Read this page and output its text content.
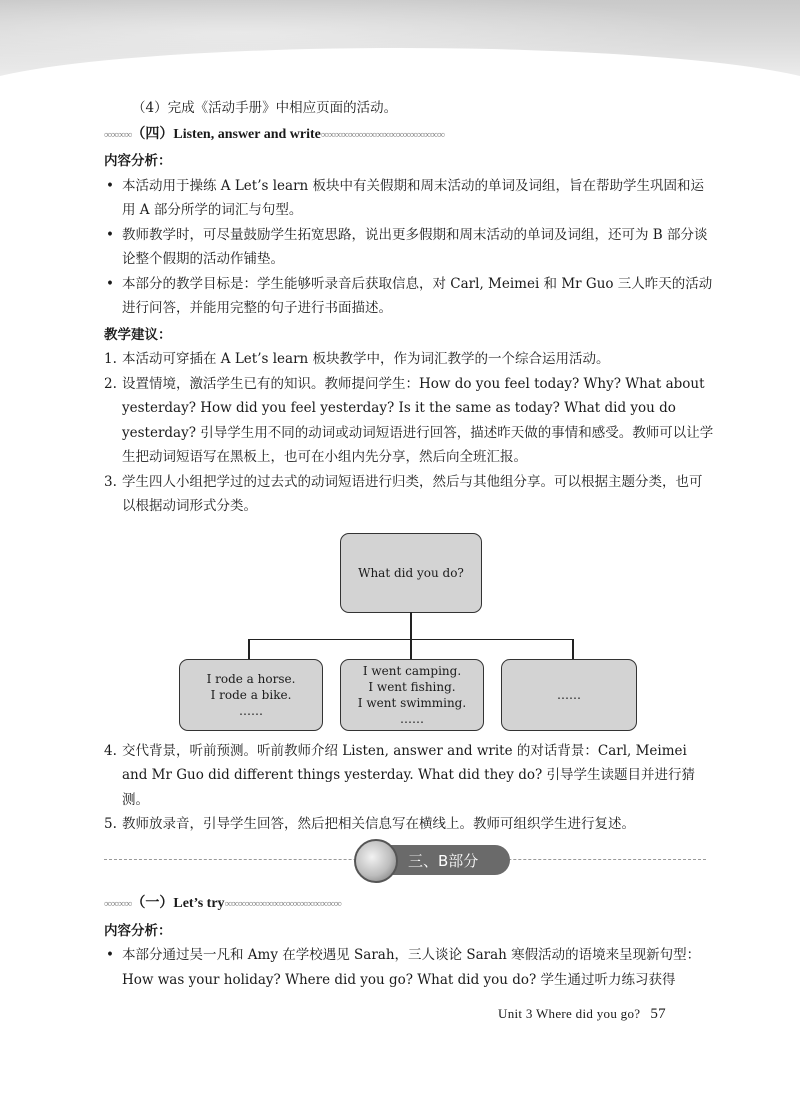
（4）完成《活动手册》中相应页面的活动。

∞∞∞∞（四）Listen, answer and write∞∞∞∞∞∞∞∞∞∞∞∞∞∞∞∞∞∞

内容分析：

• 本活动用于操练 A Let’s learn 板块中有关假期和周末活动的单词及词组，旨在帮助学生巩固和运用 A 部分所学的词汇与句型。

• 教师教学时，可尽量鼓励学生拓宽思路，说出更多假期和周末活动的单词及词组，还可为 B 部分谈论整个假期的活动作铺垫。

• 本部分的教学目标是：学生能够听录音后获取信息，对 Carl, Meimei 和 Mr Guo 三人昨天的活动进行问答，并能用完整的句子进行书面描述。

教学建议：

1. 本活动可穿插在 A Let’s learn 板块教学中，作为词汇教学的一个综合运用活动。

2. 设置情境，激活学生已有的知识。教师提问学生：How do you feel today? Why? What about yesterday? How did you feel yesterday? Is it the same as today? What did you do yesterday? 引导学生用不同的动词或动词短语进行回答，描述昨天做的事情和感受。教师可以让学生把动词短语写在黑板上，也可在小组内先分享，然后向全班汇报。

3. 学生四人小组把学过的过去式的动词短语进行归类，然后与其他组分享。可以根据主题分类，也可以根据动词形式分类。

What did you do?
I rode a horse.
I rode a bike.
……
I went camping.
I went fishing.
I went swimming.
……
……

4. 交代背景，听前预测。听前教师介绍 Listen, answer and write 的对话背景：Carl, Meimei and Mr Guo did different things yesterday. What did they do? 引导学生读题目并进行猜测。

5. 教师放录音，引导学生回答，然后把相关信息写在横线上。教师可组织学生进行复述。

三、B部分

∞∞∞∞（一）Let’s try∞∞∞∞∞∞∞∞∞∞∞∞∞∞∞∞∞

内容分析：

• 本部分通过吴一凡和 Amy 在学校遇见 Sarah，三人谈论 Sarah 寒假活动的语境来呈现新句型：How was your holiday? Where did you go? What did you do? 学生通过听力练习获得

Unit 3 Where did you go? 57
